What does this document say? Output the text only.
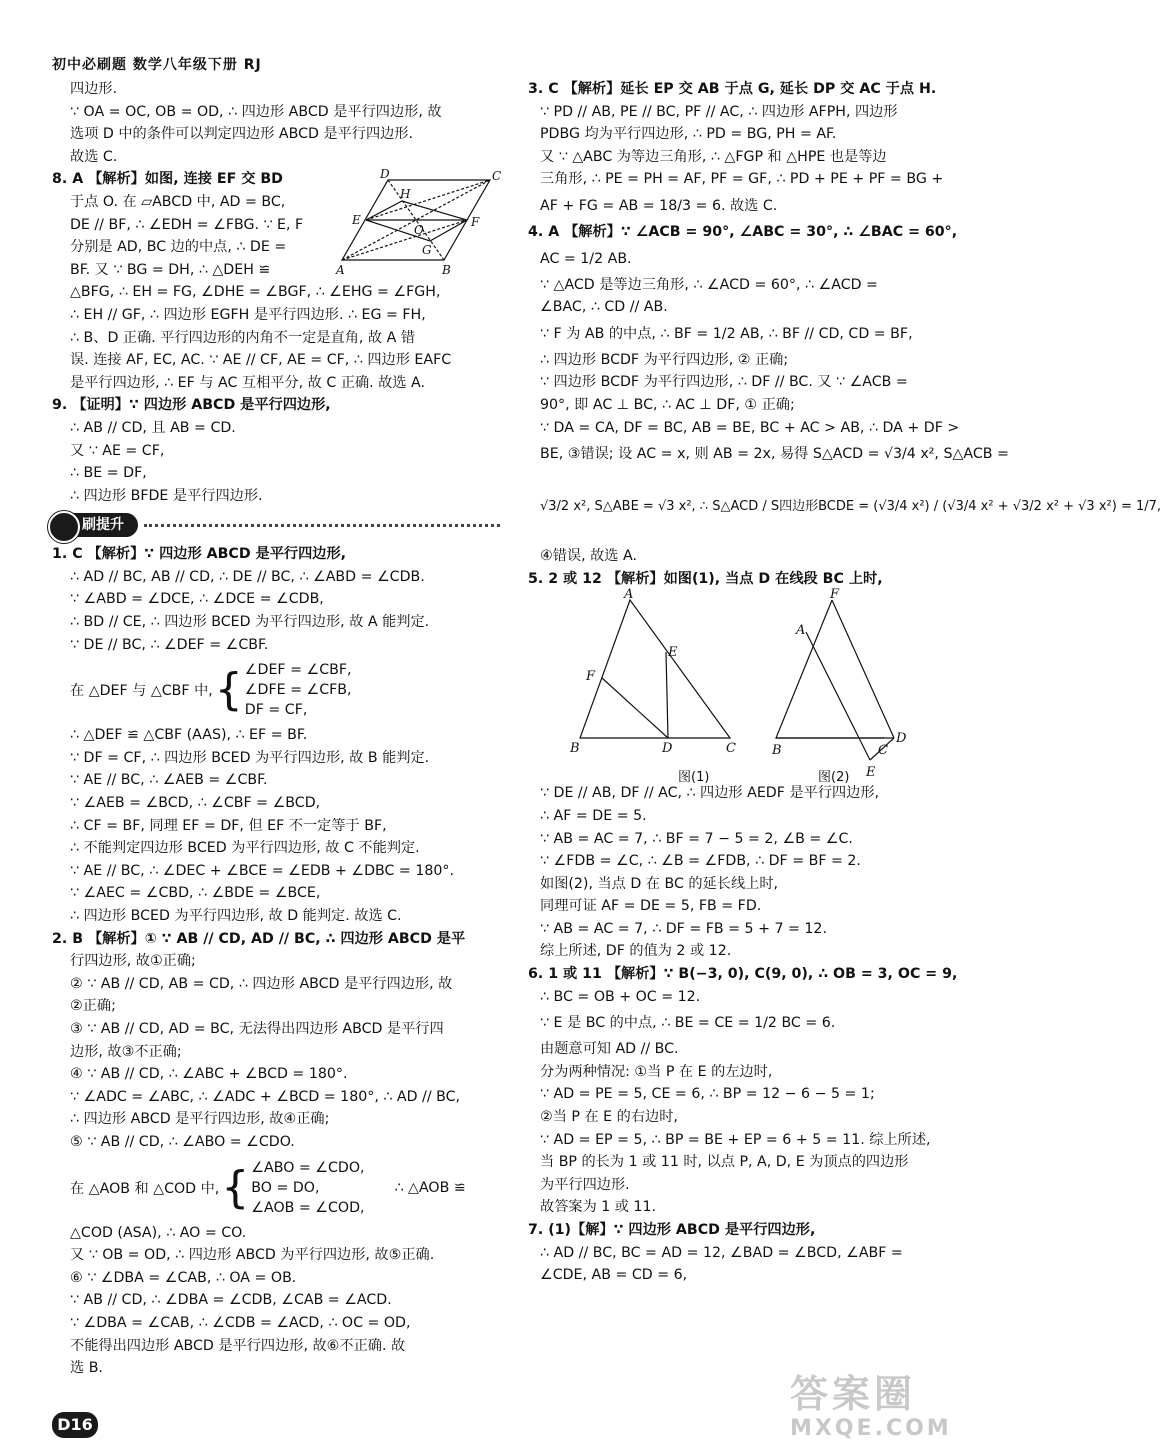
初中必刷题 数学八年级下册 RJ
四边形.
∵ OA = OC, OB = OD, ∴ 四边形 ABCD 是平行四边形, 故
选项 D 中的条件可以判定四边形 ABCD 是平行四边形.
故选 C.
8. A 【解析】如图, 连接 EF 交 BD
于点 O. 在 ▱ABCD 中, AD = BC,
DE // BF, ∴ ∠EDH = ∠FBG. ∵ E, F
分别是 AD, BC 边的中点, ∴ DE =
BF. 又 ∵ BG = DH, ∴ △DEH ≌
△BFG, ∴ EH = FG, ∠DHE = ∠BGF, ∴ ∠EHG = ∠FGH,
∴ EH // GF, ∴ 四边形 EGFH 是平行四边形. ∴ EG = FH,
∴ B、D 正确. 平行四边形的内角不一定是直角, 故 A 错
误. 连接 AF, EC, AC. ∵ AE // CF, AE = CF, ∴ 四边形 EAFC
是平行四边形, ∴ EF 与 AC 互相平分, 故 C 正确. 故选 A.
9. 【证明】∵ 四边形 ABCD 是平行四边形,
∴ AB // CD, 且 AB = CD.
又 ∵ AE = CF,
∴ BE = DF,
∴ 四边形 BFDE 是平行四边形.
刷提升
1. C 【解析】∵ 四边形 ABCD 是平行四边形,
∴ AD // BC, AB // CD, ∴ DE // BC, ∴ ∠ABD = ∠CDB.
∵ ∠ABD = ∠DCE, ∴ ∠DCE = ∠CDB,
∴ BD // CE, ∴ 四边形 BCED 为平行四边形, 故 A 能判定.
∵ DE // BC, ∴ ∠DEF = ∠CBF.
在 △DEF 与 △CBF 中, { ∠DEF = ∠CBF,
∠DFE = ∠CFB,
DF = CF,
∴ △DEF ≌ △CBF (AAS), ∴ EF = BF.
∵ DF = CF, ∴ 四边形 BCED 为平行四边形, 故 B 能判定.
∵ AE // BC, ∴ ∠AEB = ∠CBF.
∵ ∠AEB = ∠BCD, ∴ ∠CBF = ∠BCD,
∴ CF = BF, 同理 EF = DF, 但 EF 不一定等于 BF,
∴ 不能判定四边形 BCED 为平行四边形, 故 C 不能判定.
∵ AE // BC, ∴ ∠DEC + ∠BCE = ∠EDB + ∠DBC = 180°.
∵ ∠AEC = ∠CBD, ∴ ∠BDE = ∠BCE,
∴ 四边形 BCED 为平行四边形, 故 D 能判定. 故选 C.
2. B 【解析】① ∵ AB // CD, AD // BC, ∴ 四边形 ABCD 是平
行四边形, 故①正确;
② ∵ AB // CD, AB = CD, ∴ 四边形 ABCD 是平行四边形, 故
②正确;
③ ∵ AB // CD, AD = BC, 无法得出四边形 ABCD 是平行四
边形, 故③不正确;
④ ∵ AB // CD, ∴ ∠ABC + ∠BCD = 180°.
∵ ∠ADC = ∠ABC, ∴ ∠ADC + ∠BCD = 180°, ∴ AD // BC,
∴ 四边形 ABCD 是平行四边形, 故④正确;
⑤ ∵ AB // CD, ∴ ∠ABO = ∠CDO.
在 △AOB 和 △COD 中, { ∠ABO = ∠CDO,
BO = DO,
∠AOB = ∠COD,
∴ △AOB ≌
△COD (ASA), ∴ AO = CO.
又 ∵ OB = OD, ∴ 四边形 ABCD 为平行四边形, 故⑤正确.
⑥ ∵ ∠DBA = ∠CAB, ∴ OA = OB.
∵ AB // CD, ∴ ∠DBA = ∠CDB, ∠CAB = ∠ACD.
∵ ∠DBA = ∠CAB, ∴ ∠CDB = ∠ACD, ∴ OC = OD,
不能得出四边形 ABCD 是平行四边形, 故⑥不正确. 故
选 B.
A	B
C
D
E	F
G
H
O
3. C 【解析】延长 EP 交 AB 于点 G, 延长 DP 交 AC 于点 H.
∵ PD // AB, PE // BC, PF // AC, ∴ 四边形 AFPH, 四边形
PDBG 均为平行四边形, ∴ PD = BG, PH = AF.
又 ∵ △ABC 为等边三角形, ∴ △FGP 和 △HPE 也是等边
三角形, ∴ PE = PH = AF, PF = GF, ∴ PD + PE + PF = BG +
AF + FG = AB = 18/3 = 6. 故选 C.
4. A 【解析】∵ ∠ACB = 90°, ∠ABC = 30°, ∴ ∠BAC = 60°,
AC = 1/2 AB.
∵ △ACD 是等边三角形, ∴ ∠ACD = 60°, ∴ ∠ACD =
∠BAC, ∴ CD // AB.
∵ F 为 AB 的中点, ∴ BF = 1/2 AB, ∴ BF // CD, CD = BF,
∴ 四边形 BCDF 为平行四边形, ② 正确;
∵ 四边形 BCDF 为平行四边形, ∴ DF // BC. 又 ∵ ∠ACB =
90°, 即 AC ⊥ BC, ∴ AC ⊥ DF, ① 正确;
∵ DA = CA, DF = BC, AB = BE, BC + AC > AB, ∴ DA + DF >
BE, ③错误; 设 AC = x, 则 AB = 2x, 易得 S△ACD = √3/4 x², S△ACB =
√3/2 x², S△ABE = √3 x², ∴ S△ACD / S四边形BCDE = (√3/4 x²) / (√3/4 x² + √3/2 x² + √3 x²) = 1/7,
④错误, 故选 A.
5. 2 或 12 【解析】如图(1), 当点 D 在线段 BC 上时,
A
E
F
B	D	C
F
A
B	C
D
E
图(1)	图(2)
∵ DE // AB, DF // AC, ∴ 四边形 AEDF 是平行四边形,
∴ AF = DE = 5.
∵ AB = AC = 7, ∴ BF = 7 − 5 = 2, ∠B = ∠C.
∵ ∠FDB = ∠C, ∴ ∠B = ∠FDB, ∴ DF = BF = 2.
如图(2), 当点 D 在 BC 的延长线上时,
同理可证 AF = DE = 5, FB = FD.
∵ AB = AC = 7, ∴ DF = FB = 5 + 7 = 12.
综上所述, DF 的值为 2 或 12.
6. 1 或 11 【解析】∵ B(−3, 0), C(9, 0), ∴ OB = 3, OC = 9,
∴ BC = OB + OC = 12.
∵ E 是 BC 的中点, ∴ BE = CE = 1/2 BC = 6.
由题意可知 AD // BC.
分为两种情况: ①当 P 在 E 的左边时,
∵ AD = PE = 5, CE = 6, ∴ BP = 12 − 6 − 5 = 1;
②当 P 在 E 的右边时,
∵ AD = EP = 5, ∴ BP = BE + EP = 6 + 5 = 11. 综上所述,
当 BP 的长为 1 或 11 时, 以点 P, A, D, E 为顶点的四边形
为平行四边形.
故答案为 1 或 11.
7. (1)【解】∵ 四边形 ABCD 是平行四边形,
∴ AD // BC, BC = AD = 12, ∠BAD = ∠BCD, ∠ABF =
∠CDE, AB = CD = 6,
D16
答案圈
MXQE.COM
